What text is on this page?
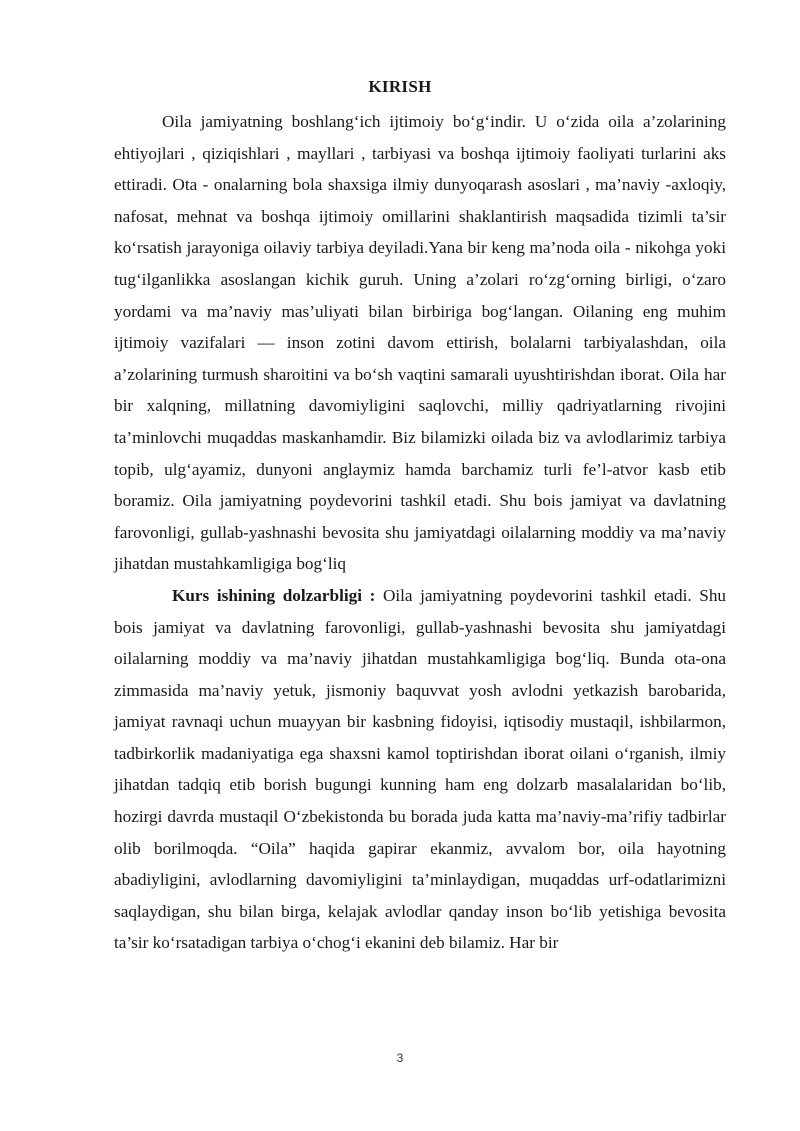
KIRISH

Oila jamiyatning boshlang‘ich ijtimoiy bo‘g‘indir. U o‘zida oila a’zolarining ehtiyojlari , qiziqishlari , mayllari , tarbiyasi va boshqa ijtimoiy faoliyati turlarini aks ettiradi. Ota - onalarning bola shaxsiga ilmiy dunyoqarash asoslari , ma’naviy -axloqiy, nafosat, mehnat va boshqa ijtimoiy omillarini shaklantirish maqsadida tizimli ta’sir ko‘rsatish jarayoniga oilaviy tarbiya deyiladi.Yana bir keng ma’noda oila - nikohga yoki tug‘ilganlikka asoslangan kichik guruh. Uning a’zolari ro‘zg‘orning birligi, o‘zaro yordami va ma’naviy mas’uliyati bilan birbiriga bog‘langan. Oilaning eng muhim ijtimoiy vazifalari — inson zotini davom ettirish, bolalarni tarbiyalashdan, oila a’zolarining turmush sharoitini va bo‘sh vaqtini samarali uyushtirishdan iborat. Oila har bir xalqning, millatning davomiyligini saqlovchi, milliy qadriyatlarning rivojini ta’minlovchi muqaddas maskanhamdir. Biz bilamizki oilada biz va avlodlarimiz tarbiya topib, ulg‘ayamiz, dunyoni anglaymiz hamda barchamiz turli fe’l-atvor kasb etib boramiz. Oila jamiyatning poydevorini tashkil etadi. Shu bois jamiyat va davlatning farovonligi, gullab-yashnashi bevosita shu jamiyatdagi oilalarning moddiy va ma’naviy jihatdan mustahkamligiga bog‘liq

Kurs ishining dolzarbligi : Oila jamiyatning poydevorini tashkil etadi. Shu bois jamiyat va davlatning farovonligi, gullab-yashnashi bevosita shu jamiyatdagi oilalarning moddiy va ma’naviy jihatdan mustahkamligiga bog‘liq. Bunda ota-ona zimmasida ma’naviy yetuk, jismoniy baquvvat yosh avlodni yetkazish barobarida, jamiyat ravnaqi uchun muayyan bir kasbning fidoyisi, iqtisodiy mustaqil, ishbilarmon, tadbirkorlik madaniyatiga ega shaxsni kamol toptirishdan iborat oilani o‘rganish, ilmiy jihatdan tadqiq etib borish bugungi kunning ham eng dolzarb masalalaridan bo‘lib, hozirgi davrda mustaqil O‘zbekistonda bu borada juda katta ma’naviy-ma’rifiy tadbirlar olib borilmoqda. “Oila” haqida gapirar ekanmiz, avvalom bor, oila hayotning abadiyligini, avlodlarning davomiyligini ta’minlaydigan, muqaddas urf-odatlarimizni saqlaydigan, shu bilan birga, kelajak avlodlar qanday inson bo‘lib yetishiga bevosita ta’sir ko‘rsatadigan tarbiya o‘chog‘i ekanini deb bilamiz. Har bir

3
